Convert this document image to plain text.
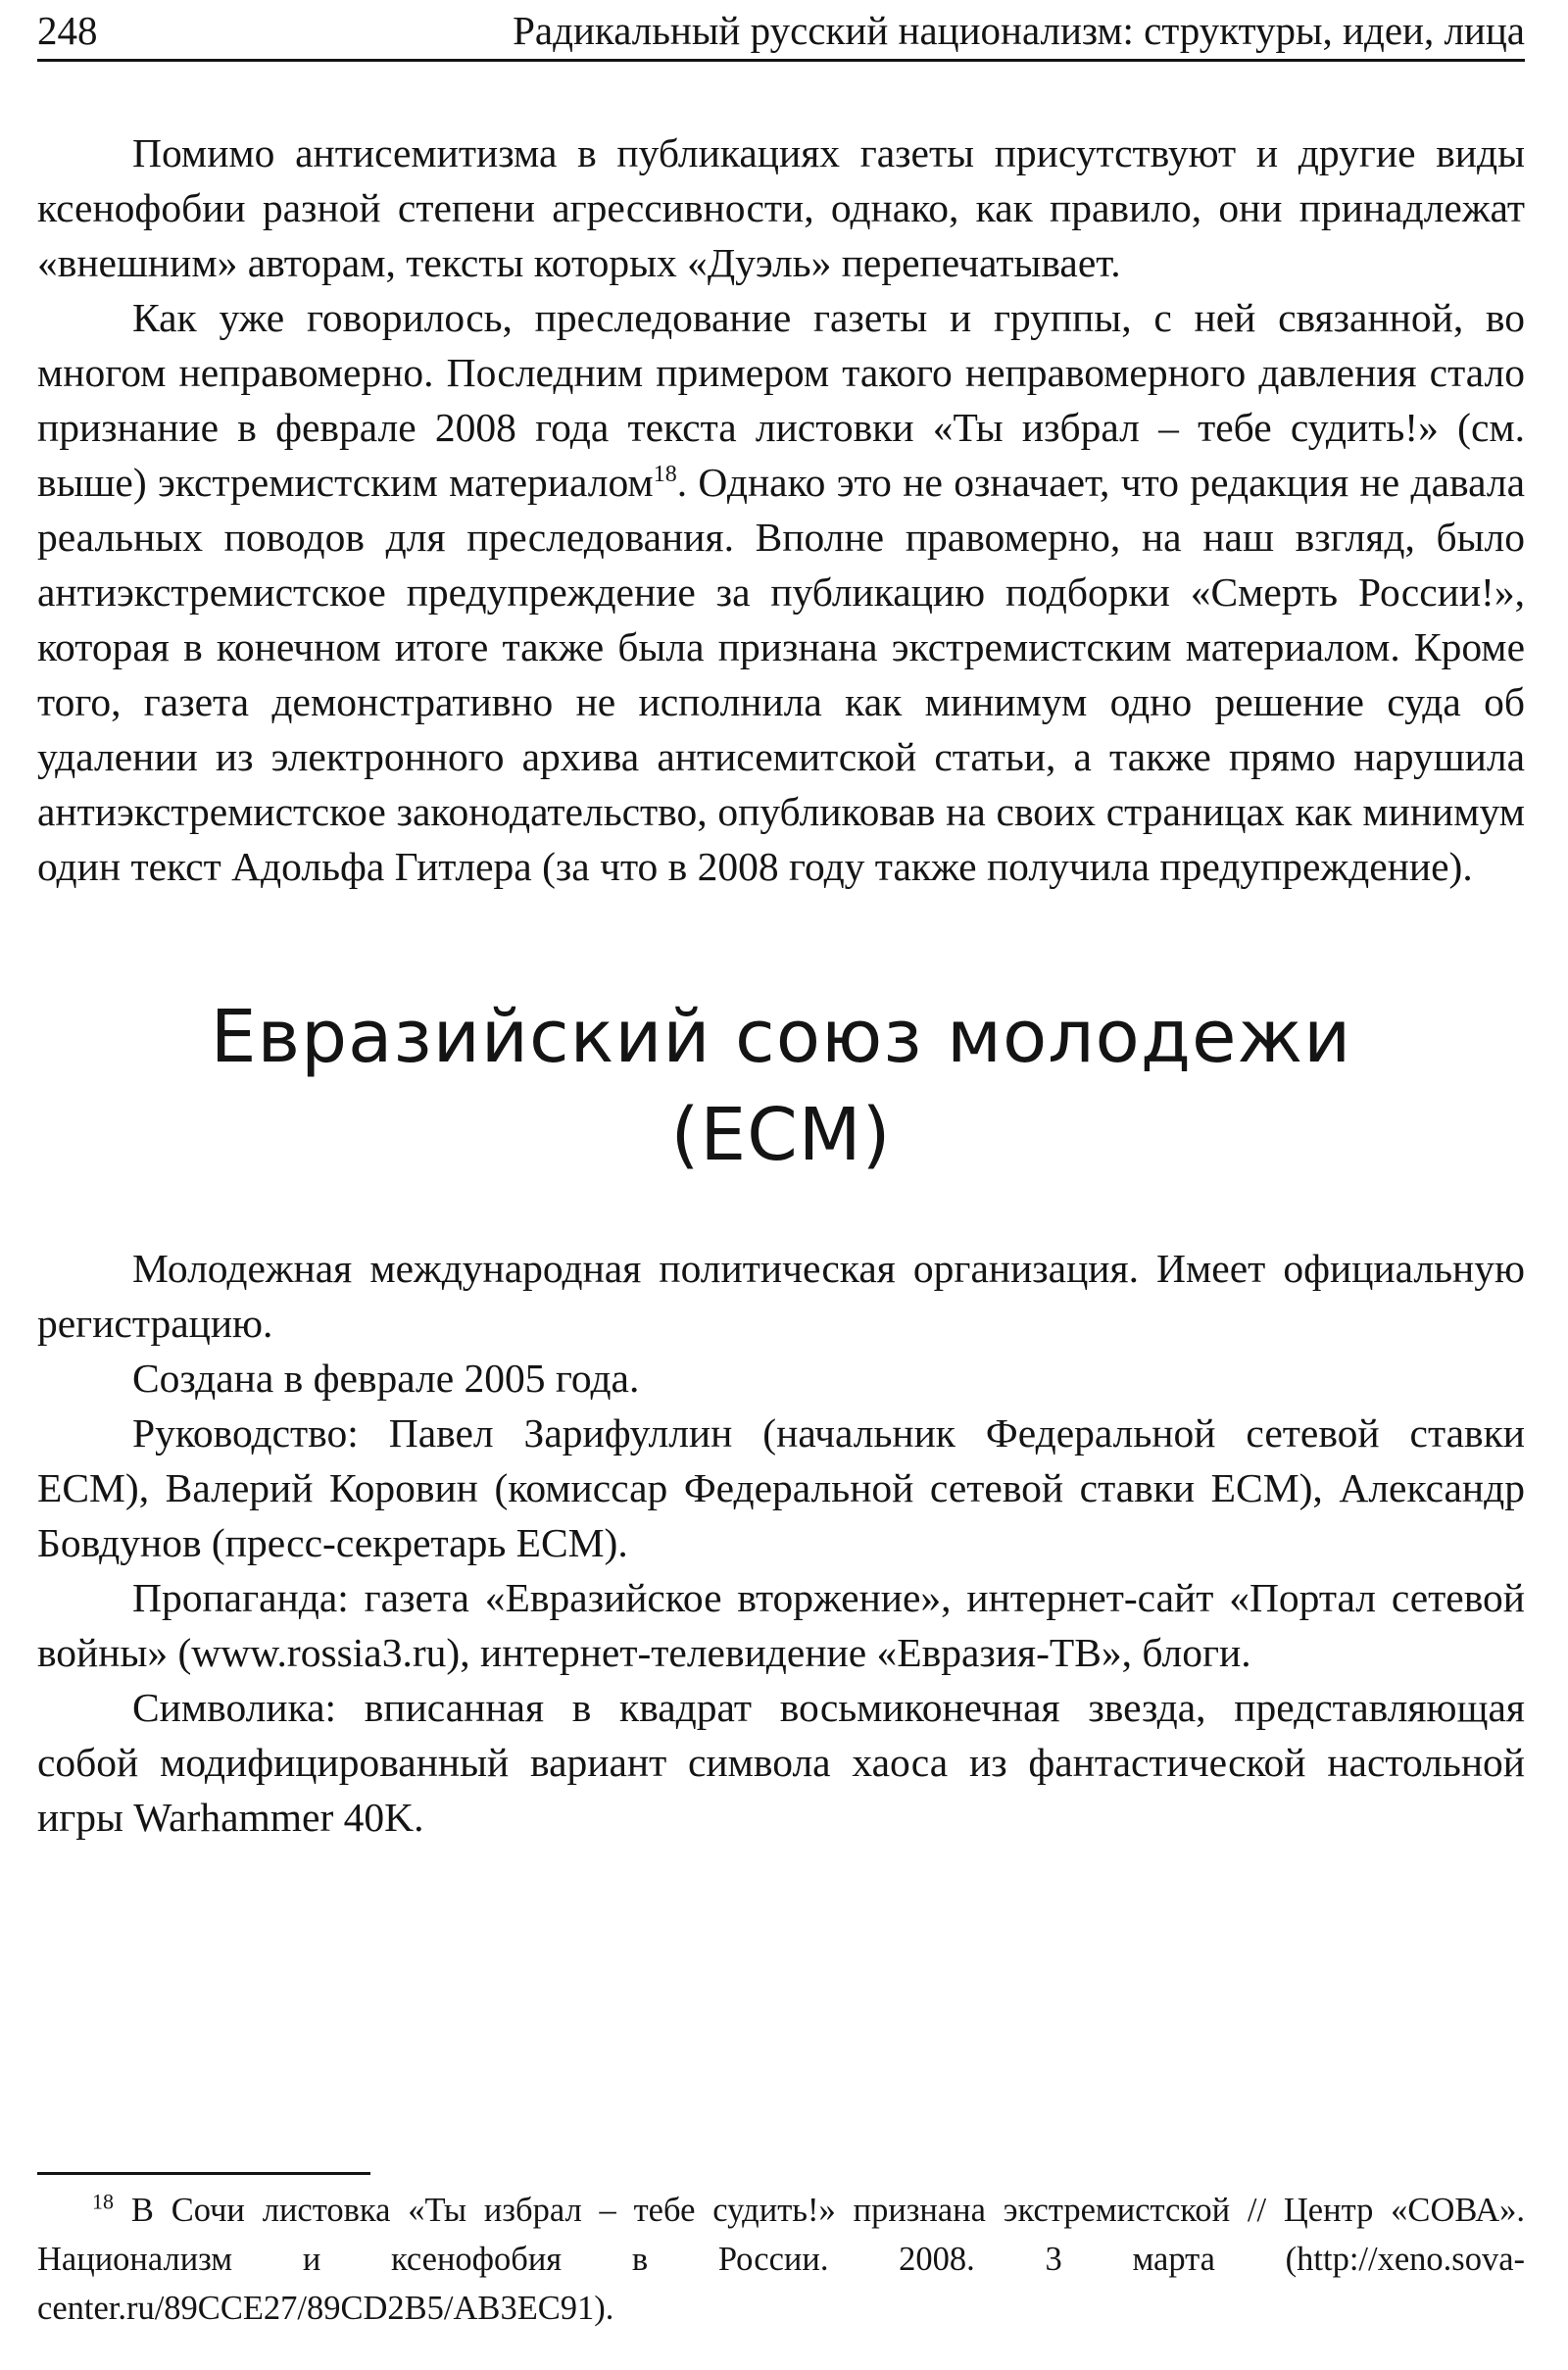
248	Радикальный русский национализм: структуры, идеи, лица

Помимо антисемитизма в публикациях газеты присутствуют и другие виды ксенофобии разной степени агрессивности, однако, как правило, они принадлежат «внешним» авторам, тексты которых «Дуэль» перепечатывает.

Как уже говорилось, преследование газеты и группы, с ней связанной, во многом неправомерно. Последним примером такого неправомерного давления стало признание в феврале 2008 года текста листовки «Ты избрал – тебе судить!» (см. выше) экстремистским материалом$^{18}$. Однако это не означает, что редакция не давала реальных поводов для преследования. Вполне правомерно, на наш взгляд, было антиэкстремистское предупреждение за публикацию подборки «Смерть России!», которая в конечном итоге также была признана экстремистским материалом. Кроме того, газета демонстративно не исполнила как минимум одно решение суда об удалении из электронного архива антисемитской статьи, а также прямо нарушила антиэкстремистское законодательство, опубликовав на своих страницах как минимум один текст Адольфа Гитлера (за что в 2008 году также получила предупреждение).

Евразийский союз молодежи
(ЕСМ)

Молодежная международная политическая организация. Имеет официальную регистрацию.

Создана в феврале 2005 года.

Руководство: Павел Зарифуллин (начальник Федеральной сетевой ставки ЕСМ), Валерий Коровин (комиссар Федеральной сетевой ставки ЕСМ), Александр Бовдунов (пресс-секретарь ЕСМ).

Пропаганда: газета «Евразийское вторжение», интернет-сайт «Портал сетевой войны» (www.rossia3.ru), интернет-телевидение «Евразия-ТВ», блоги.

Символика: вписанная в квадрат восьмиконечная звезда, представляющая собой модифицированный вариант символа хаоса из фантастической настольной игры Warhammer 40K.

$^{18}$ В Сочи листовка «Ты избрал – тебе судить!» признана экстремистской // Центр «СОВА». Национализм и ксенофобия в России. 2008. 3 марта (http://xeno.sova-center.ru/89CCE27/89CD2B5/AB3EC91).
